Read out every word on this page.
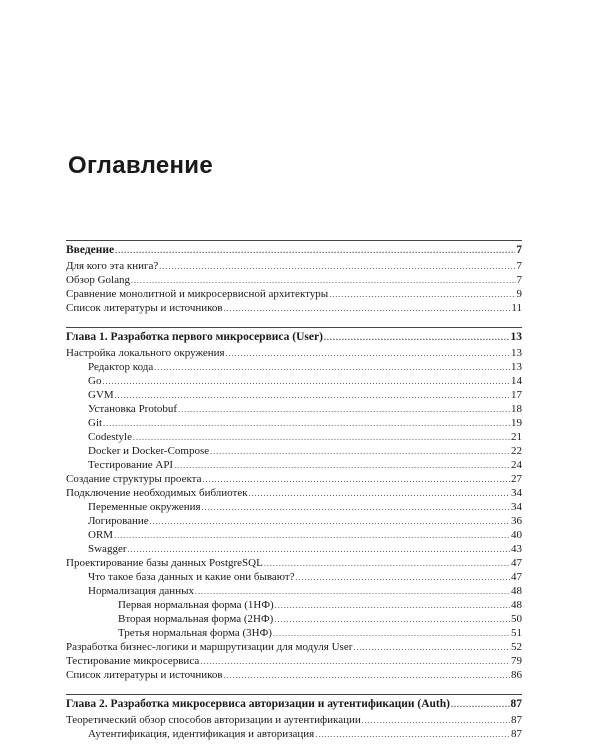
Оглавление
Введение .....	7
Для кого эта книга? .....	7
Обзор Golang .....	7
Сравнение монолитной и микросервисной архитектуры .....	9
Список литературы и источников .....	11
Глава 1. Разработка первого микросервиса (User) .....	13
Настройка локального окружения .....	13
Редактор кода .....	13
Go .....	14
GVM .....	17
Установка Protobuf .....	18
Git .....	19
Codestyle .....	21
Docker и Docker-Compose .....	22
Тестирование API .....	24
Создание структуры проекта .....	27
Подключение необходимых библиотек .....	34
Переменные окружения .....	34
Логирование .....	36
ORM .....	40
Swagger .....	43
Проектирование базы данных PostgreSQL .....	47
Что такое база данных и какие они бывают? .....	47
Нормализация данных .....	48
Первая нормальная форма (1НФ) .....	48
Вторая нормальная форма (2НФ) .....	50
Третья нормальная форма (3НФ) .....	51
Разработка бизнес-логики и маршрутизации для модуля User .....	52
Тестирование микросервиса .....	79
Список литературы и источников .....	86
Глава 2. Разработка микросервиса авторизации и аутентификации (Auth) .....	87
Теоретический обзор способов авторизации и аутентификации .....	87
Аутентификация, идентификация и авторизация .....	87
